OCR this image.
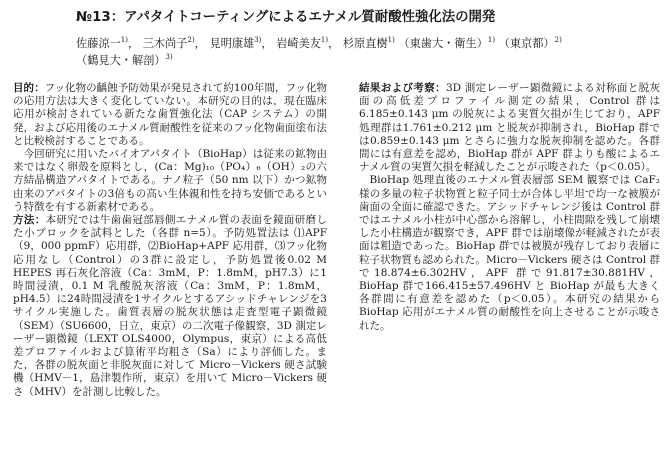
№13：アパタイトコーティングによるエナメル質耐酸性強化法の開発
佐藤涼一$^{1)}$， 三木尚子$^{2)}$， 見明康雄$^{3)}$， 岩崎美友$^{1)}$， 杉原直樹$^{1)}$ （東歯大・衛生）$^{1)}$ （東京都）$^{2)}$
（鶴見大・解剖）$^{3)}$

目的：フッ化物の齲蝕予防効果が発見されて約100年間，フッ化物の応用方法は大きく変化していない。本研究の目的は，現在臨床応用が検討されている新たな歯質強化法（CAP システム）の開発，および応用後のエナメル質耐酸性を従来のフッ化物歯面塗布法と比較検討することである。

今回研究に用いたバイオアパタイト（BioHap）は従来の鉱物由来ではなく卵殻を原料とし，(Ca：Mg)₁₀（PO₄）₆（OH）₂の六方結晶構造アパタイトである。ナノ粒子（50 nm 以下）かつ鉱物由来のアパタイトの3倍もの高い生体親和性を持ち安価であるという特徴を有する新素材である。

方法：本研究では牛歯歯冠部唇側エナメル質の表面を鏡面研磨した小ブロックを試料とした（各群 n=5）。予防処置法は ⑴APF（9，000 ppmF）応用群，⑵BioHap+APF 応用群，⑶フッ化物応用なし（Control）の3群に設定し，予防処置後0.02 M HEPES 再石灰化溶液（Ca：3mM，P：1.8mM，pH7.3）に1時間浸漬，0.1 M 乳酸脱灰溶液（Ca：3mM，P：1.8mM，pH4.5）に24時間浸漬を1サイクルとするアシッドチャレンジを3サイクル実施した。歯質表層の脱灰状態は走査型電子顕微鏡（SEM）（SU6600，日立，東京）の二次電子像観察，3D 測定レーザー顕微鏡（LEXT OLS4000，Olympus，東京）による高低差プロファイルおよび算術平均粗さ（Sa）により評価した。また，各群の脱灰面と非脱灰面に対して Micro－Vickers 硬さ試験機（HMV－1，島津製作所，東京）を用いて Micro－Vickers 硬さ（MHV）を計測し比較した。

結果および考察：3D 測定レーザー顕微鏡による対称面と脱灰面の高低差プロファイル測定の結果，Control 群は6.185±0.143 μm の脱灰による実質欠損が生じており，APF 処理群は1.761±0.212 μm と脱灰が抑制され，BioHap 群では0.859±0.143 μm とさらに強力な脱灰抑制を認めた。各群間には有意差を認め，BioHap 群が APF 群よりも酸によるエナメル質の実質欠損を軽減したことが示唆された（p＜0.05）。

BioHap 処理直後のエナメル質表層部 SEM 観察では CaF₂様の多量の粒子状物質と粒子同士が合体し平坦で均一な被膜が歯面の全面に確認できた。アシッドチャレンジ後は Control 群ではエナメル小柱が中心部から溶解し，小柱間隙を残して崩壊した小柱構造が観察でき，APF 群では崩壊像が軽減されたが表面は粗造であった。BioHap 群では被膜が残存しており表層に粒子状物質も認められた。Micro－Vickers 硬さは Control 群で18.874±6.302HV，APF 群で91.817±30.881HV，BioHap 群で166.415±57.496HV と BioHap が最も大きく各群間に有意差を認めた（p＜0.05）。本研究の結果から BioHap 応用がエナメル質の耐酸性を向上させることが示唆された。
